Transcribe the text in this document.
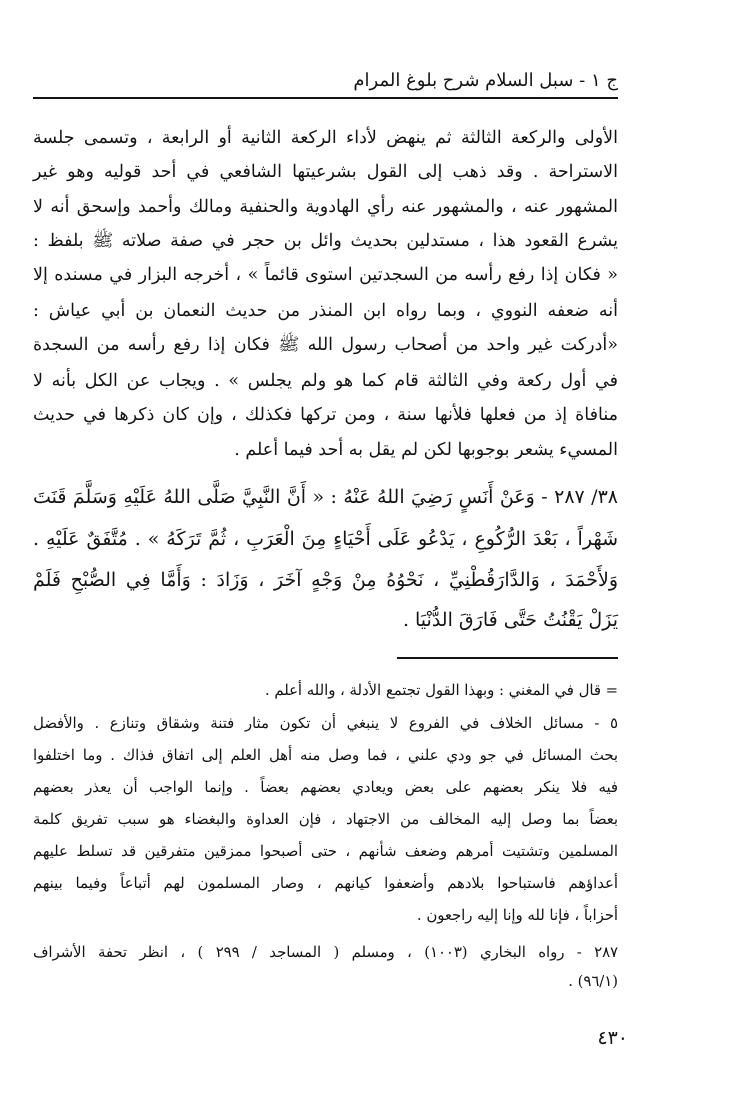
ج ١ - سبل السلام شرح بلوغ المرام
الأولى والركعة الثالثة ثم ينهض لأداء الركعة الثانية أو الرابعة ، وتسمى جلسة
الاستراحة . وقد ذهب إلى القول بشرعيتها الشافعي في أحد قوليه وهو غير
المشهور عنه ، والمشهور عنه رأي الهادوية والحنفية ومالك وأحمد وإسحق أنه لا
يشرع القعود هذا ، مستدلين بحديث وائل بن حجر في صفة صلاته ﷺ بلفظ :
« فكان إذا رفع رأسه من السجدتين استوى قائماً » ، أخرجه البزار في مسنده إلا
أنه ضعفه النووي ، وبما رواه ابن المنذر من حديث النعمان بن أبي عياش :
«أدركت غير واحد من أصحاب رسول الله ﷺ فكان إذا رفع رأسه من السجدة
في أول ركعة وفي الثالثة قام كما هو ولم يجلس » . ويجاب عن الكل بأنه لا
منافاة إذ من فعلها فلأنها سنة ، ومن تركها فكذلك ، وإن كان ذكرها في حديث
المسيء يشعر بوجوبها لكن لم يقل به أحد فيما أعلم .
٣٨/ ٢٨٧ - وَعَنْ أَنَسٍ رَضِيَ اللهُ عَنْهُ : « أَنَّ النَّبِيَّ صَلَّى اللهُ عَلَيْهِ وَسَلَّمَ قَنَتَ
شَهْراً ، بَعْدَ الرُّكُوعِ ، يَدْعُو عَلَى أَحْيَاءٍ مِنَ الْعَرَبِ ، ثُمَّ تَرَكَهُ » . مُتَّفَقٌ عَلَيْهِ .
وَلأَحْمَدَ ، وَالدَّارَقُطْنِيِّ ، نَحْوُهُ مِنْ وَجْهٍ آخَرَ ، وَزَادَ : وَأَمَّا فِي الصُّبْحِ فَلَمْ
يَزَلْ يَقْنُتُ حَتَّى فَارَقَ الدُّنْيَا .
= قال في المغني : وبهذا القول تجتمع الأدلة ، والله أعلم .
٥ - مسائل الخلاف في الفروع لا ينبغي أن تكون مثار فتنة وشقاق وتنازع . والأفضل
بحث المسائل في جو ودي علني ، فما وصل منه أهل العلم إلى اتفاق فذاك . وما اختلفوا
فيه فلا ينكر بعضهم على بعض ويعادي بعضهم بعضاً . وإنما الواجب أن يعذر بعضهم
بعضاً بما وصل إليه المخالف من الاجتهاد ، فإن العداوة والبغضاء هو سبب تفريق كلمة
المسلمين وتشتيت أمرهم وضعف شأنهم ، حتى أصبحوا ممزقين متفرقين قد تسلط عليهم
أعداؤهم فاستباحوا بلادهم وأضعفوا كيانهم ، وصار المسلمون لهم أتباعاً وفيما بينهم
أحزاباً ، فإنا لله وإنا إليه راجعون .
٢٨٧ - رواه البخاري (١٠٠٣) ، ومسلم ( المساجد / ٢٩٩ ) ، انظر تحفة الأشراف
(٩٦/١) .
٤٣٠
